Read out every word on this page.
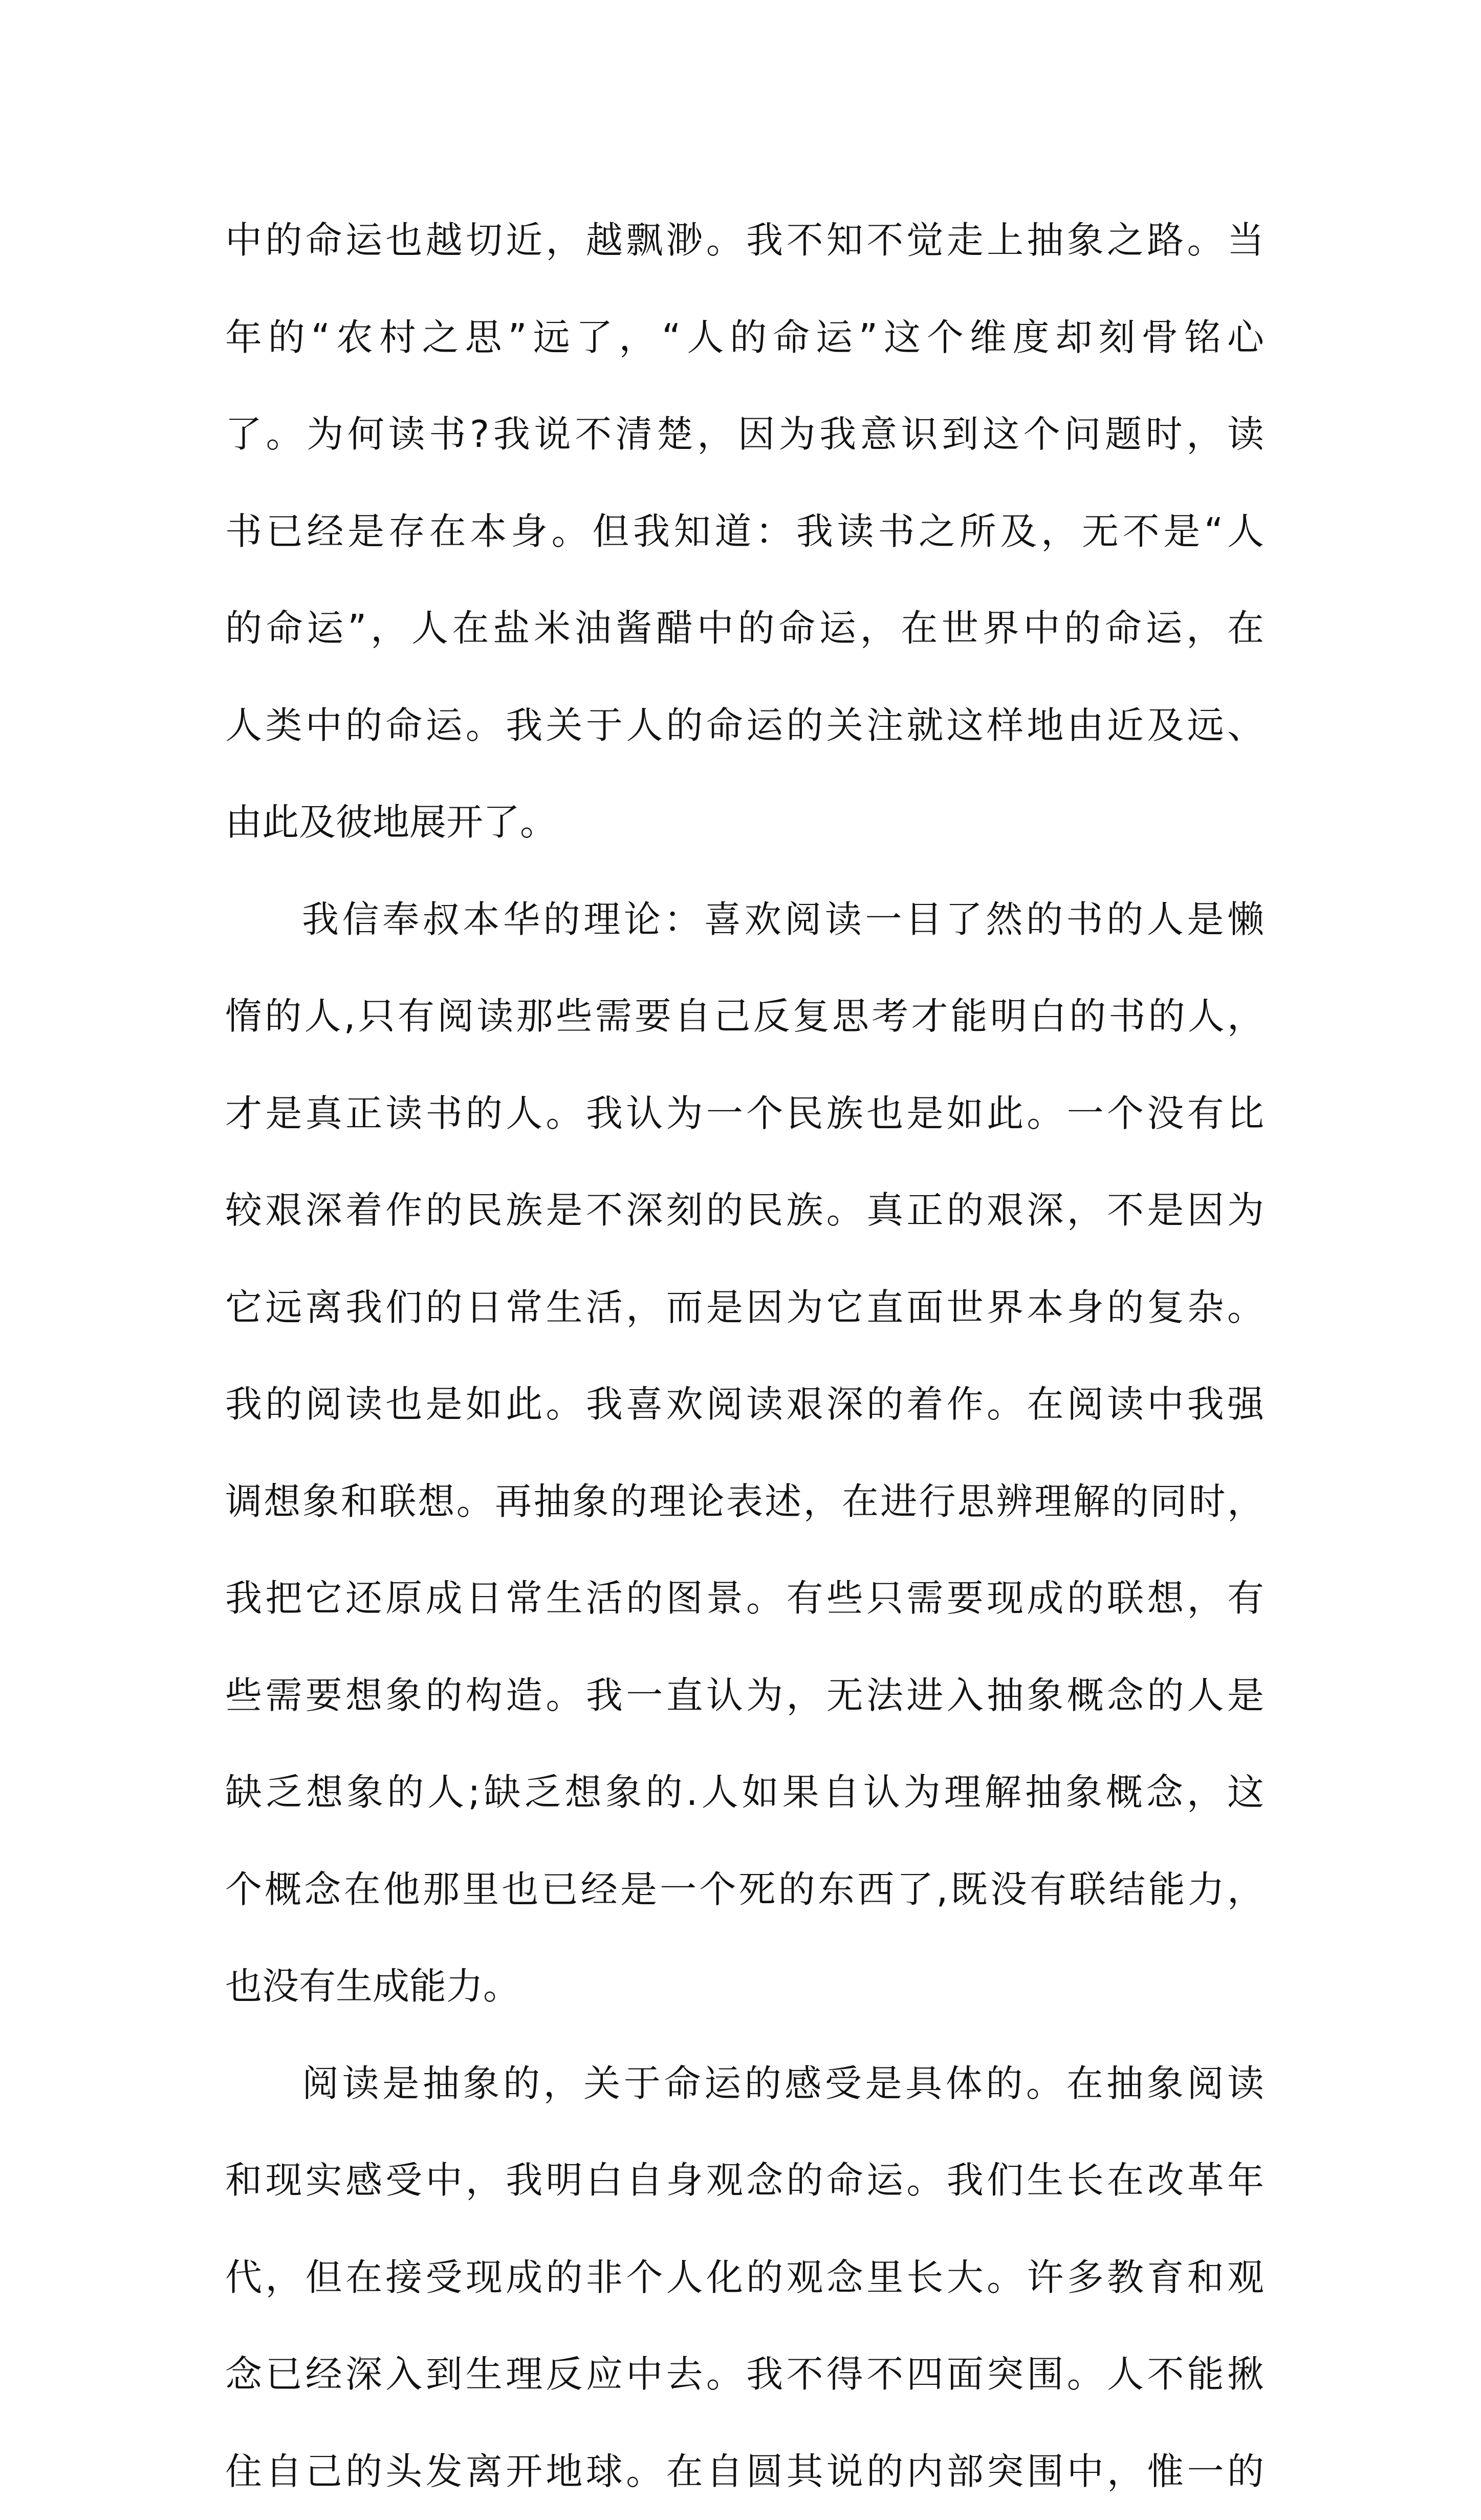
中的命运也越切近，越飘渺。我不知不觉走上抽象之路。当
年的“农村之思”远了，“人的命运”这个维度却刻骨铭心
了。为何读书?我说不清楚，因为我意识到这个问题时，读
书已经是存在本身。但我知道：我读书之所及，无不是“人
的命运”，人在盐米油酱醋中的命运，在世界中的命运，在
人类中的命运。我关于人的命运的关注就这样地由近及远、
由此及彼地展开了。
我信奉叔本华的理论：喜欢阅读一目了然的书的人是懒
惰的人,只有阅读那些需要自己反复思考才能明白的书的人，
才是真正读书的人。我认为一个民族也是如此。一个没有比
较艰深着作的民族是不深刻的民族。真正的艰深，不是因为
它远离我们的日常生活，而是因为它直面世界本身的复杂。
我的阅读也是如此。我喜欢阅读艰深的着作。在阅读中我强
调想象和联想。再抽象的理论表述，在进行思辨理解的同时，
我把它还原成日常生活的图景。有些只需要现成的联想，有
些需要想象的构造。我一直认为，无法进入抽象概念的人是
缺乏想象的人;缺乏想象的.人如果自认为理解抽象概念，这
个概念在他那里也已经是一个死的东西了,既没有联结能力，
也没有生成能力。
阅读是抽象的，关于命运的感受是具体的。在抽象阅读
和现实感受中，我明白自身观念的命运。我们生长在改革年
代，但在接受现成的非个人化的观念里长大。许多教育和观
念已经深入到生理反应中去。我不得不四面突围。人不能揪
住自己的头发离开地球。在自圆其说的内部突围中，惟一的
